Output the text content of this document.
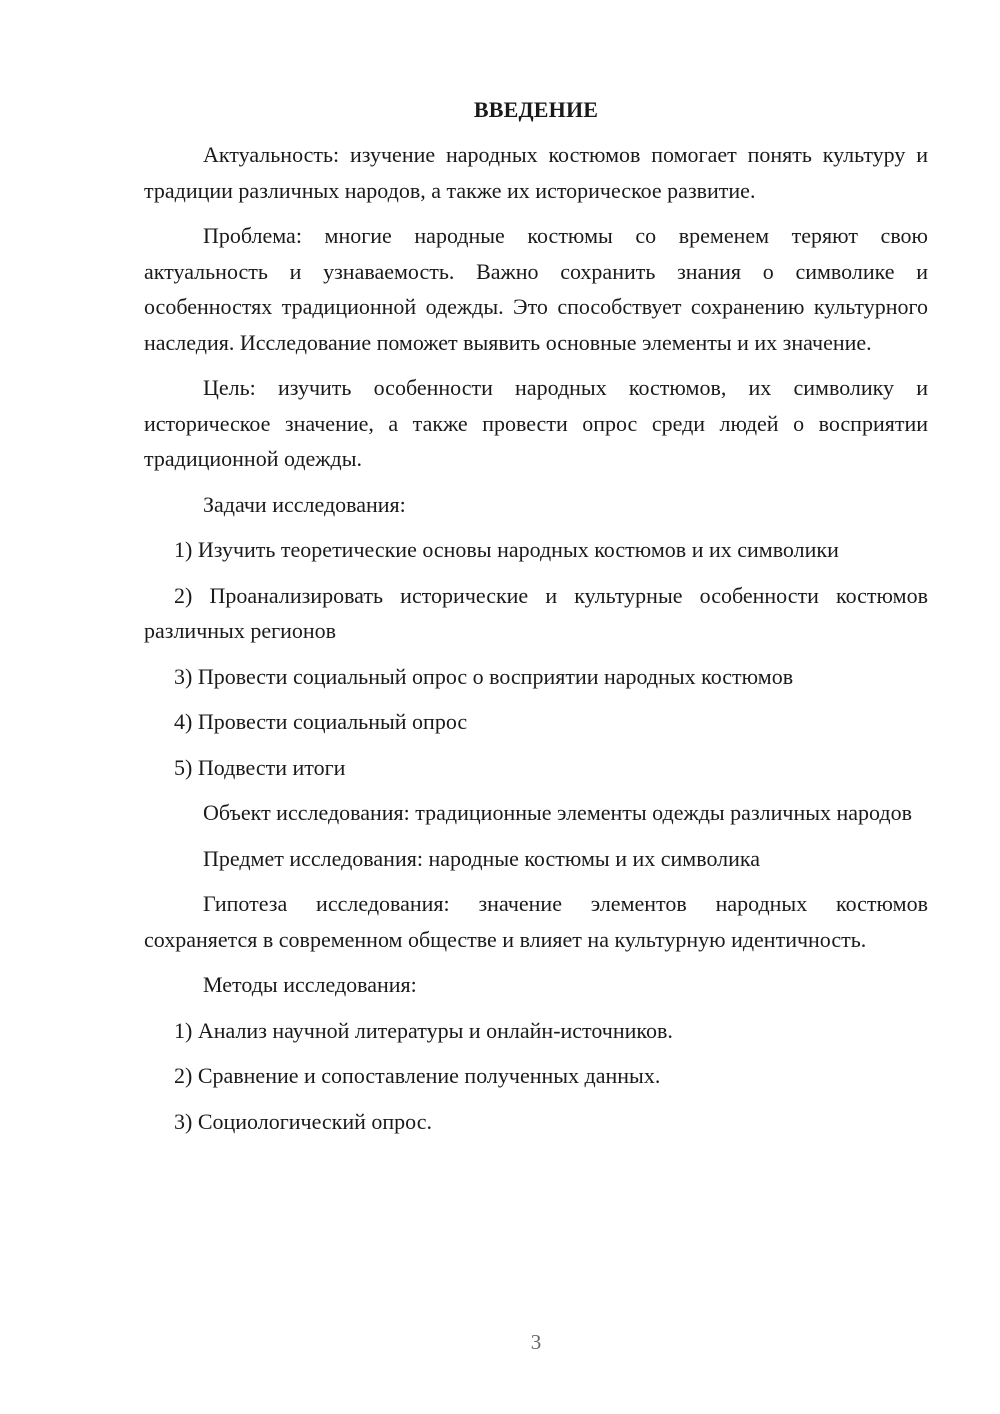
ВВЕДЕНИЕ

Актуальность: изучение народных костюмов помогает понять культуру и традиции различных народов, а также их историческое развитие.

Проблема: многие народные костюмы со временем теряют свою актуальность и узнаваемость. Важно сохранить знания о символике и особенностях традиционной одежды. Это способствует сохранению культурного наследия. Исследование поможет выявить основные элементы и их значение.

Цель: изучить особенности народных костюмов, их символику и историческое значение, а также провести опрос среди людей о восприятии традиционной одежды.

Задачи исследования:

1) Изучить теоретические основы народных костюмов и их символики

2) Проанализировать исторические и культурные особенности костюмов различных регионов

3) Провести социальный опрос о восприятии народных костюмов

4) Провести социальный опрос

5) Подвести итоги

Объект исследования: традиционные элементы одежды различных народов

Предмет исследования: народные костюмы и их символика

Гипотеза исследования: значение элементов народных костюмов сохраняется в современном обществе и влияет на культурную идентичность.

Методы исследования:

1) Анализ научной литературы и онлайн-источников.

2) Сравнение и сопоставление полученных данных.

3) Социологический опрос.

3
